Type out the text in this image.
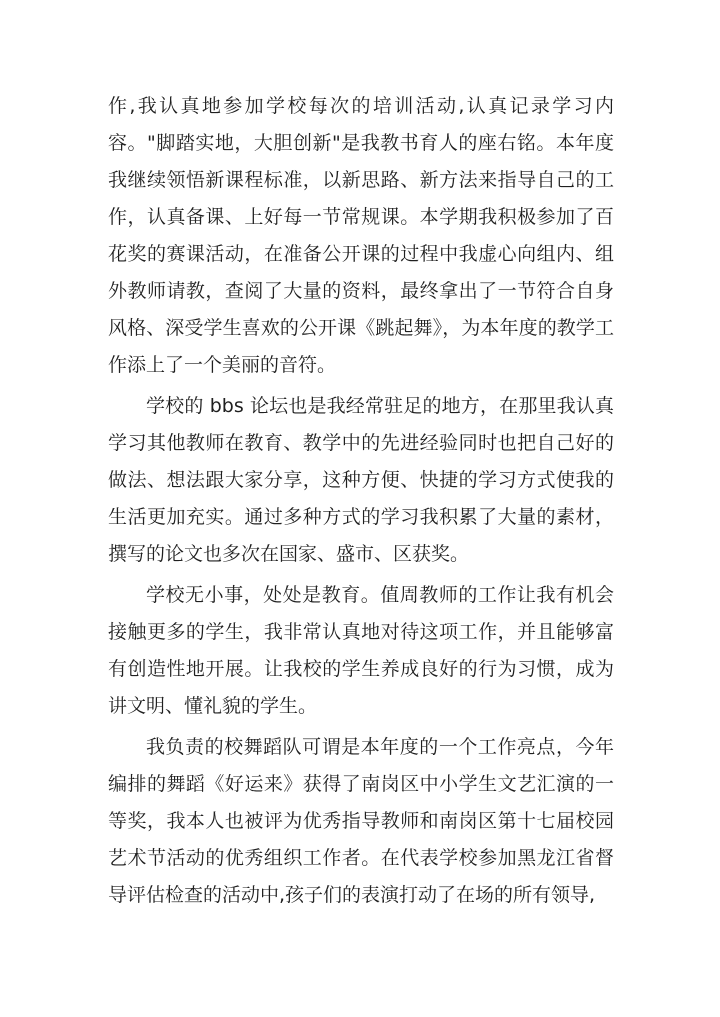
作,我认真地参加学校每次的培训活动,认真记录学习内容。"脚踏实地，大胆创新"是我教书育人的座右铭。本年度我继续领悟新课程标准，以新思路、新方法来指导自己的工作，认真备课、上好每一节常规课。本学期我积极参加了百花奖的赛课活动，在准备公开课的过程中我虚心向组内、组外教师请教，查阅了大量的资料，最终拿出了一节符合自身风格、深受学生喜欢的公开课《跳起舞》，为本年度的教学工作添上了一个美丽的音符。

学校的 bbs 论坛也是我经常驻足的地方，在那里我认真学习其他教师在教育、教学中的先进经验同时也把自己好的做法、想法跟大家分享，这种方便、快捷的学习方式使我的生活更加充实。通过多种方式的学习我积累了大量的素材，撰写的论文也多次在国家、盛市、区获奖。

学校无小事，处处是教育。值周教师的工作让我有机会接触更多的学生，我非常认真地对待这项工作，并且能够富有创造性地开展。让我校的学生养成良好的行为习惯，成为讲文明、懂礼貌的学生。

我负责的校舞蹈队可谓是本年度的一个工作亮点，今年编排的舞蹈《好运来》获得了南岗区中小学生文艺汇演的一等奖，我本人也被评为优秀指导教师和南岗区第十七届校园艺术节活动的优秀组织工作者。在代表学校参加黑龙江省督导评估检查的活动中,孩子们的表演打动了在场的所有领导,
